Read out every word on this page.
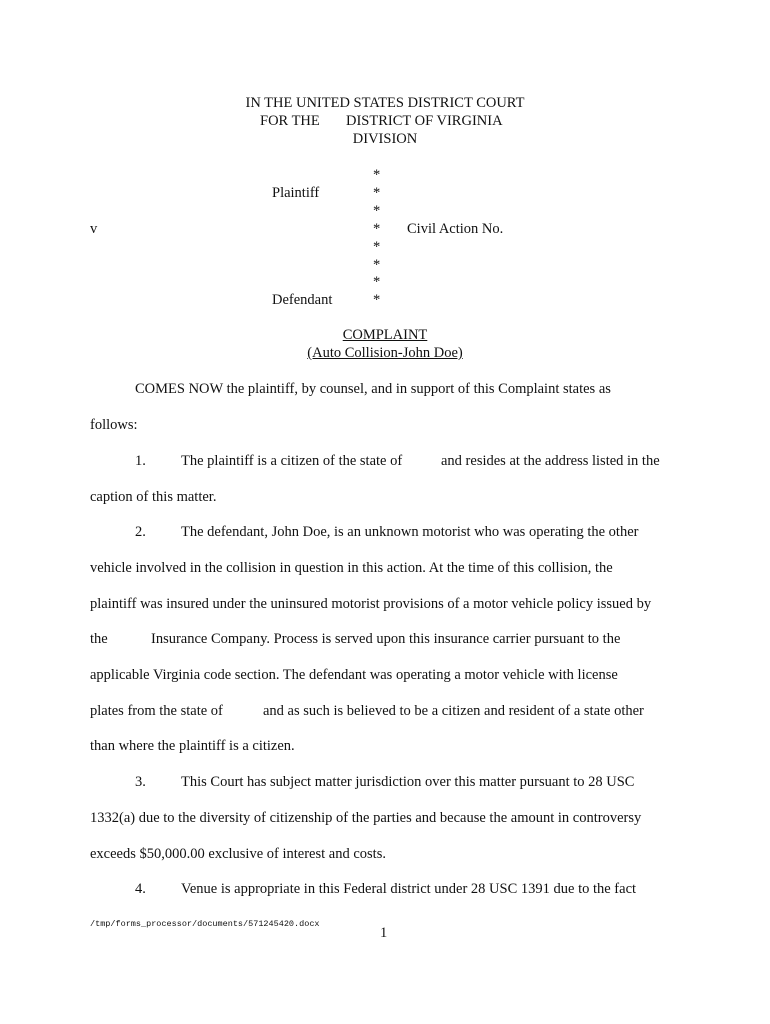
IN THE UNITED STATES DISTRICT COURT
FOR THE DISTRICT OF VIRGINIA
DIVISION
Plaintiff
v	Civil Action No.
Defendant
*
*
*
*
*
*
*
*
COMPLAINT
(Auto Collision-John Doe)
COMES NOW the plaintiff, by counsel, and in support of this Complaint states as
follows:
1. The plaintiff is a citizen of the state of	and resides at the address listed in the
caption of this matter.
2. The defendant, John Doe, is an unknown motorist who was operating the other
vehicle involved in the collision in question in this action. At the time of this collision, the
plaintiff was insured under the uninsured motorist provisions of a motor vehicle policy issued by
the	Insurance Company. Process is served upon this insurance carrier pursuant to the
applicable Virginia code section. The defendant was operating a motor vehicle with license
plates from the state of	and as such is believed to be a citizen and resident of a state other
than where the plaintiff is a citizen.
3. This Court has subject matter jurisdiction over this matter pursuant to 28 USC
1332(a) due to the diversity of citizenship of the parties and because the amount in controversy
exceeds $50,000.00 exclusive of interest and costs.
4. Venue is appropriate in this Federal district under 28 USC 1391 due to the fact
/tmp/forms_processor/documents/571245420.docx
1
